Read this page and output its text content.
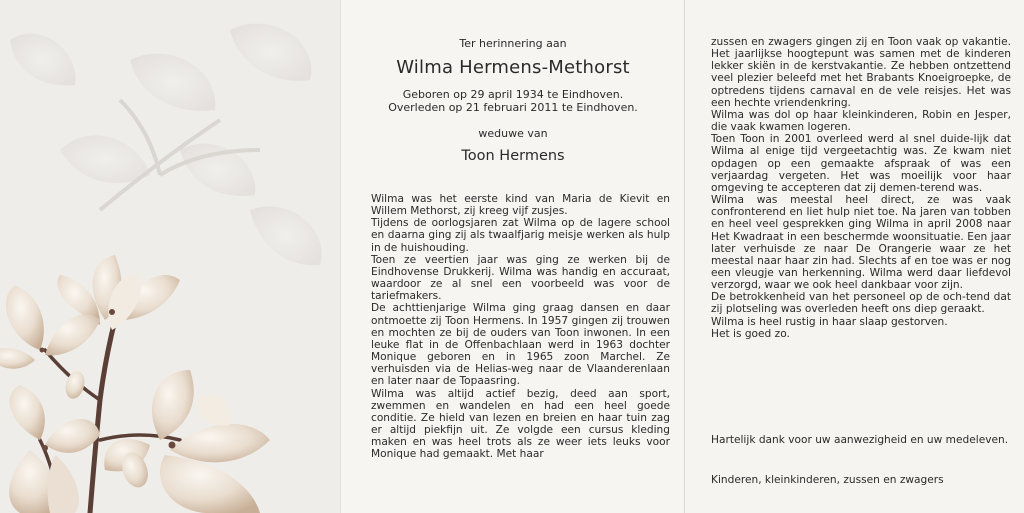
Ter herinnering aan
Wilma Hermens-Methorst
Geboren op 29 april 1934 te Eindhoven.
Overleden op 21 februari 2011 te Eindhoven.
weduwe van
Toon Hermens

Wilma was het eerste kind van Maria de Kievit en Willem Methorst, zij kreeg vijf zusjes.

Tijdens de oorlogsjaren zat Wilma op de lagere school en daarna ging zij als twaalfjarig meisje werken als hulp in de huishouding.

Toen ze veertien jaar was ging ze werken bij de Eindhovense Drukkerij. Wilma was handig en accuraat, waardoor ze al snel een voorbeeld was voor de tariefmakers.

De achttienjarige Wilma ging graag dansen en daar ontmoette zij Toon Hermens. In 1957 gingen zij trouwen en mochten ze bij de ouders van Toon inwonen. In een leuke flat in de Offenbachlaan werd in 1963 dochter Monique geboren en in 1965 zoon Marchel. Ze verhuisden via de Helias-weg naar de Vlaanderenlaan en later naar de Topaasring.

Wilma was altijd actief bezig, deed aan sport, zwemmen en wandelen en had een heel goede conditie. Ze hield van lezen en breien en haar tuin zag er altijd piekfijn uit. Ze volgde een cursus kleding maken en was heel trots als ze weer iets leuks voor Monique had gemaakt. Met haar

zussen en zwagers gingen zij en Toon vaak op vakantie. Het jaarlijkse hoogtepunt was samen met de kinderen lekker skiën in de kerstvakantie. Ze hebben ontzettend veel plezier beleefd met het Brabants Knoeigroepke, de optredens tijdens carnaval en de vele reisjes. Het was een hechte vriendenkring.

Wilma was dol op haar kleinkinderen, Robin en Jesper, die vaak kwamen logeren.

Toen Toon in 2001 overleed werd al snel duide-lijk dat Wilma al enige tijd vergeetachtig was. Ze kwam niet opdagen op een gemaakte afspraak of was een verjaardag vergeten. Het was moeilijk voor haar omgeving te accepteren dat zij demen-terend was.

Wilma was meestal heel direct, ze was vaak confronterend en liet hulp niet toe. Na jaren van tobben en heel veel gesprekken ging Wilma in april 2008 naar Het Kwadraat in een beschermde woonsituatie. Een jaar later verhuisde ze naar De Orangerie waar ze het meestal naar haar zin had. Slechts af en toe was er nog een vleugje van herkenning. Wilma werd daar liefdevol verzorgd, waar we ook heel dankbaar voor zijn.

De betrokkenheid van het personeel op de och-tend dat zij plotseling was overleden heeft ons diep geraakt.

Wilma is heel rustig in haar slaap gestorven.

Het is goed zo.

Hartelijk dank voor uw aanwezigheid en uw medeleven.
Kinderen, kleinkinderen, zussen en zwagers
